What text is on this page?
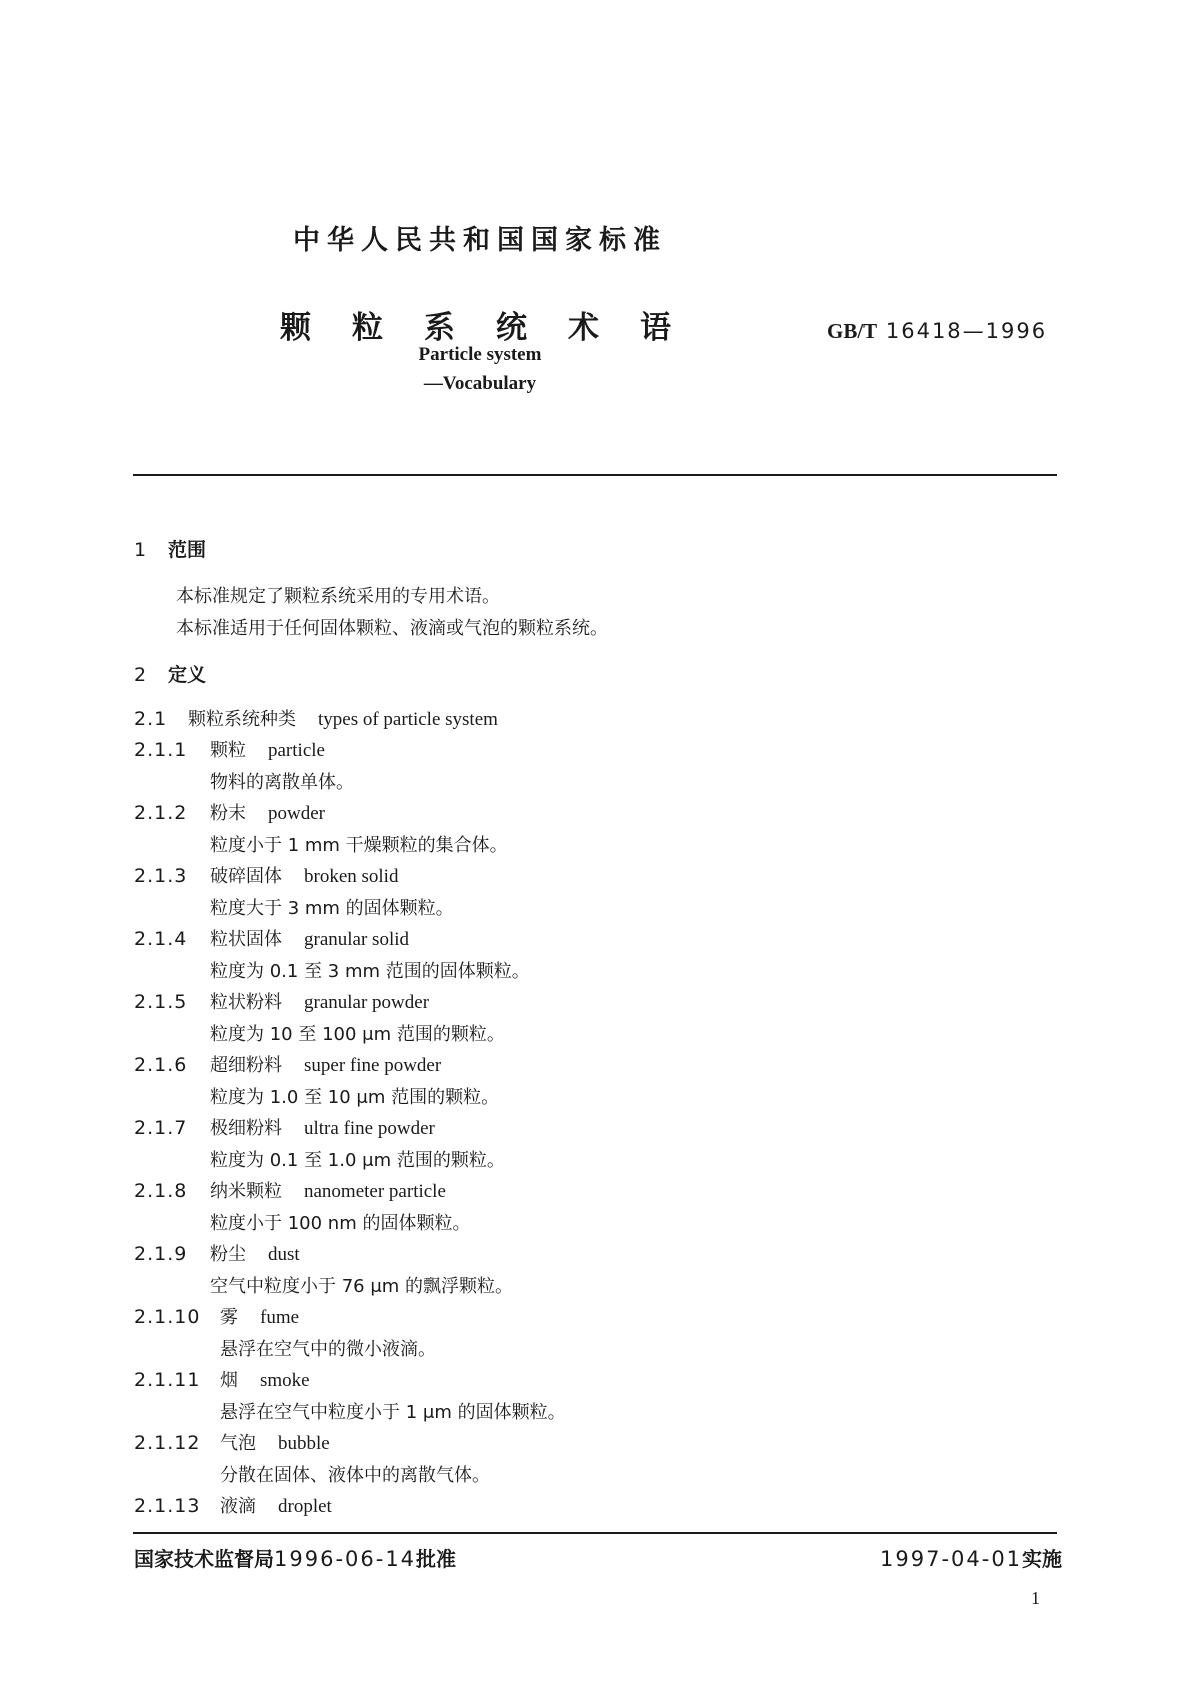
中华人民共和国国家标准
颗粒系统术语	GB/T 16418—1996
Particle system
—Vocabulary
1 范围
本标准规定了颗粒系统采用的专用术语。
本标准适用于任何固体颗粒、液滴或气泡的颗粒系统。
2 定义
2.1 颗粒系统种类 types of particle system
2.1.1 颗粒 particle
物料的离散单体。
2.1.2 粉末 powder
粒度小于 1 mm 干燥颗粒的集合体。
2.1.3 破碎固体 broken solid
粒度大于 3 mm 的固体颗粒。
2.1.4 粒状固体 granular solid
粒度为 0.1 至 3 mm 范围的固体颗粒。
2.1.5 粒状粉料 granular powder
粒度为 10 至 100 μm 范围的颗粒。
2.1.6 超细粉料 super fine powder
粒度为 1.0 至 10 μm 范围的颗粒。
2.1.7 极细粉料 ultra fine powder
粒度为 0.1 至 1.0 μm 范围的颗粒。
2.1.8 纳米颗粒 nanometer particle
粒度小于 100 nm 的固体颗粒。
2.1.9 粉尘 dust
空气中粒度小于 76 μm 的飘浮颗粒。
2.1.10 雾 fume
悬浮在空气中的微小液滴。
2.1.11 烟 smoke
悬浮在空气中粒度小于 1 μm 的固体颗粒。
2.1.12 气泡 bubble
分散在固体、液体中的离散气体。
2.1.13 液滴 droplet
国家技术监督局1996-06-14批准	1997-04-01实施
1
